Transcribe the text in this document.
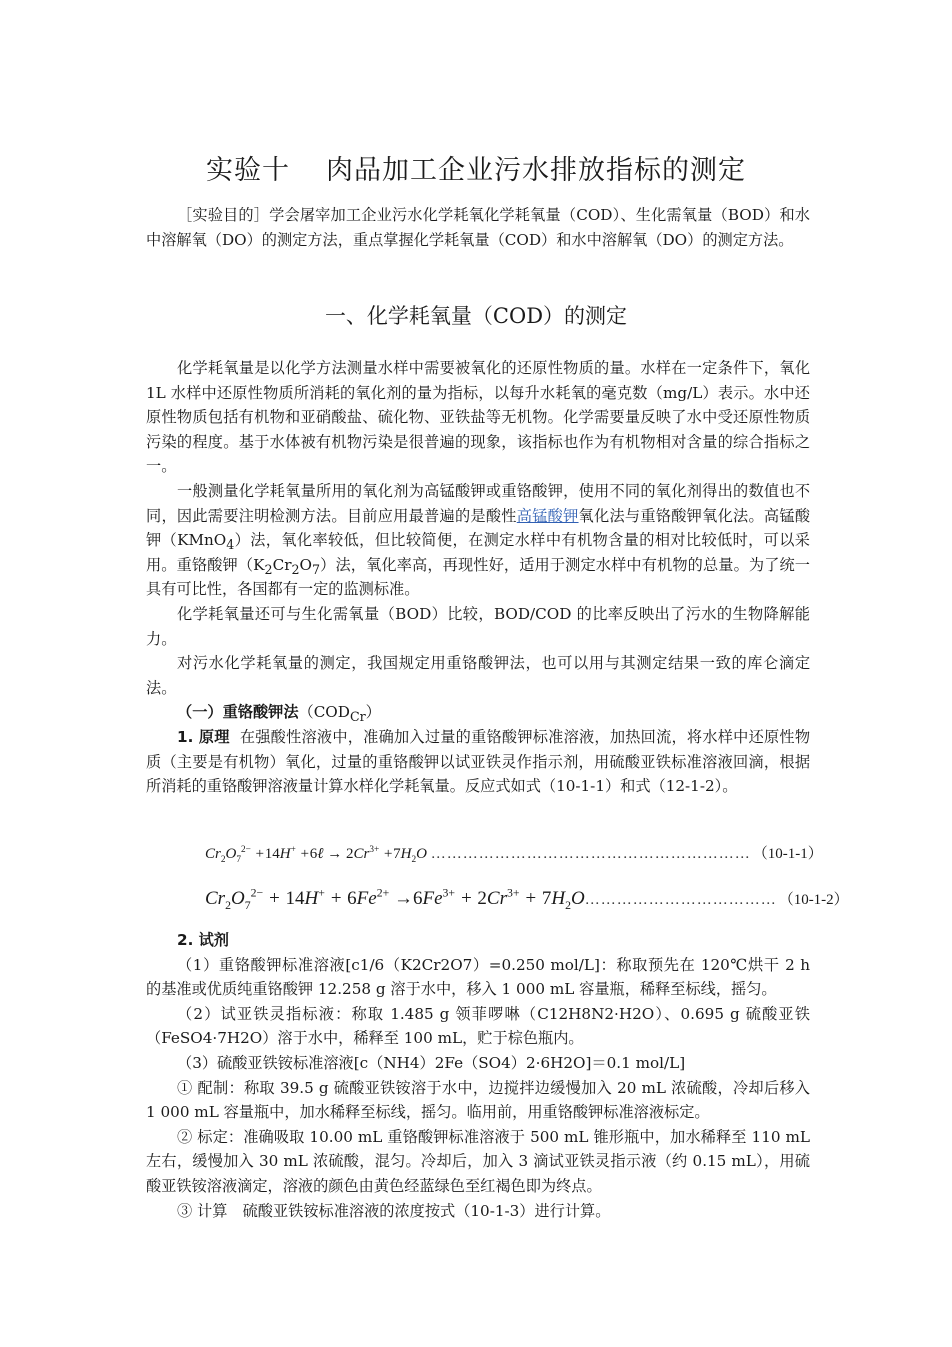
实验十 肉品加工企业污水排放指标的测定

［实验目的］学会屠宰加工企业污水化学耗氧化学耗氧量（COD）、生化需氧量（BOD）和水中溶解氧（DO）的测定方法，重点掌握化学耗氧量（COD）和水中溶解氧（DO）的测定方法。

一、化学耗氧量（COD）的测定

化学耗氧量是以化学方法测量水样中需要被氧化的还原性物质的量。水样在一定条件下，氧化 1L 水样中还原性物质所消耗的氧化剂的量为指标，以每升水耗氧的毫克数（mg/L）表示。水中还原性物质包括有机物和亚硝酸盐、硫化物、亚铁盐等无机物。化学需要量反映了水中受还原性物质污染的程度。基于水体被有机物污染是很普遍的现象，该指标也作为有机物相对含量的综合指标之一。

一般测量化学耗氧量所用的氧化剂为高锰酸钾或重铬酸钾，使用不同的氧化剂得出的数值也不同，因此需要注明检测方法。目前应用最普遍的是酸性高锰酸钾氧化法与重铬酸钾氧化法。高锰酸钾（KMnO$_4$）法，氧化率较低，但比较简便，在测定水样中有机物含量的相对比较低时，可以采用。重铬酸钾$(K_2Cr_2O_7)$法，氧化率高，再现性好，适用于测定水样中有机物的总量。为了统一具有可比性，各国都有一定的监测标准。

化学耗氧量还可与生化需氧量（BOD）比较，BOD/COD 的比率反映出了污水的生物降解能力。

对污水化学耗氧量的测定，我国规定用重铬酸钾法，也可以用与其测定结果一致的库仑滴定法。

（一）重铬酸钾法$(COD_{Cr})$

1. 原理 在强酸性溶液中，准确加入过量的重铬酸钾标准溶液，加热回流，将水样中还原性物质（主要是有机物）氧化，过量的重铬酸钾以试亚铁灵作指示剂，用硫酸亚铁标准溶液回滴，根据所消耗的重铬酸钾溶液量计算水样化学耗氧量。反应式如式（10-1-1）和式（12-1-2）。

$Cr_2O_7^{2-} +14H^+$ +6ℓ → $2Cr^{3+} +7H_2O$ …………………………………………………… （10-1-1）
$Cr_2O_7^{2-} + 14H^+ + 6Fe^{2+} \to 6Fe^{3+} + 2Cr^{3+} + 7H_2O$ ……………………………… （10-1-2）

2. 试剂

（1）重铬酸钾标准溶液[c1/6（K2Cr2O7）=0.250 mol/L]：称取预先在 120℃烘干 2 h 的基准或优质纯重铬酸钾 12.258 g 溶于水中，移入 1 000 mL 容量瓶，稀释至标线，摇匀。

（2）试亚铁灵指标液：称取 1.485 g 领菲啰啉（C12H8N2·H2O）、0.695 g 硫酸亚铁（FeSO4·7H2O）溶于水中，稀释至 100 mL，贮于棕色瓶内。

（3）硫酸亚铁铵标准溶液[c（NH4）2Fe（SO4）2·6H2O]＝0.1 mol/L]

① 配制：称取 39.5 g 硫酸亚铁铵溶于水中，边搅拌边缓慢加入 20 mL 浓硫酸，冷却后移入 1 000 mL 容量瓶中，加水稀释至标线，摇匀。临用前，用重铬酸钾标准溶液标定。

② 标定：准确吸取 10.00 mL 重铬酸钾标准溶液于 500 mL 锥形瓶中，加水稀释至 110 mL 左右，缓慢加入 30 mL 浓硫酸，混匀。冷却后，加入 3 滴试亚铁灵指示液（约 0.15 mL），用硫酸亚铁铵溶液滴定，溶液的颜色由黄色经蓝绿色至红褐色即为终点。

③ 计算　硫酸亚铁铵标准溶液的浓度按式（10-1-3）进行计算。
